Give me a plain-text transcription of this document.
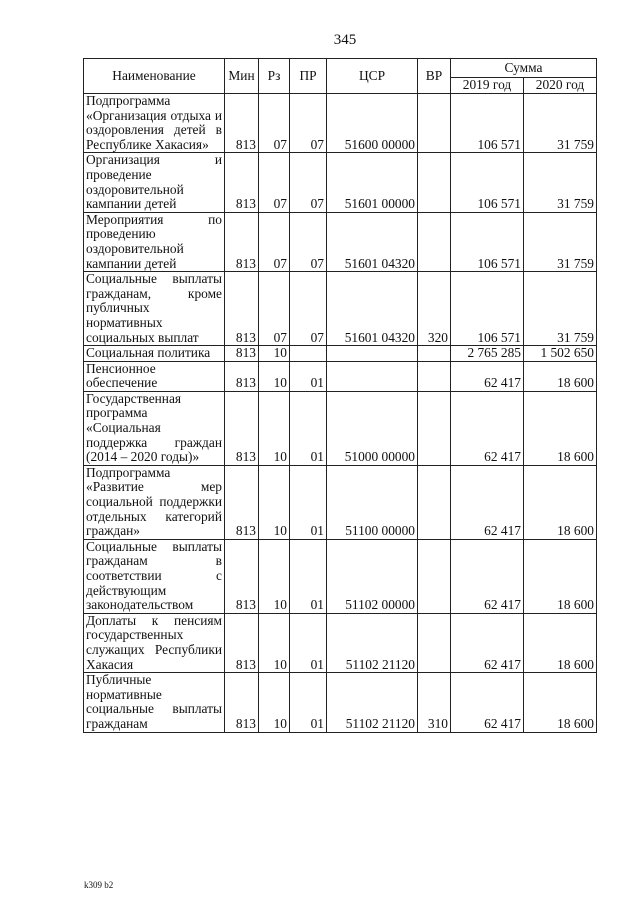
345
Наименование	Мин	Рз	ПР	ЦСР	ВР	Сумма	
						2019 год	2020 год
Подпрограмма «Организация отдыха и оздоровления детей в Республике Хакасия»	813	07	07	51600 00000		106 571	31 759
Организация и проведение оздоровительной кампании детей	813	07	07	51601 00000		106 571	31 759
Мероприятия по проведению оздоровительной кампании детей	813	07	07	51601 04320		106 571	31 759
Социальные выплаты гражданам, кроме публичных нормативных социальных выплат	813	07	07	51601 04320	320	106 571	31 759
Социальная политика	813	10				2 765 285	1 502 650
Пенсионное обеспечение	813	10	01			62 417	18 600
Государственная программа «Социальная поддержка граждан (2014 – 2020 годы)»	813	10	01	51000 00000		62 417	18 600
Подпрограмма «Развитие мер социальной поддержки отдельных категорий граждан»	813	10	01	51100 00000		62 417	18 600
Социальные выплаты гражданам в соответствии с действующим законодательством	813	10	01	51102 00000		62 417	18 600
Доплаты к пенсиям государственных служащих Республики Хакасия	813	10	01	51102 21120		62 417	18 600
Публичные нормативные социальные выплаты гражданам	813	10	01	51102 21120	310	62 417	18 600
k309 b2
